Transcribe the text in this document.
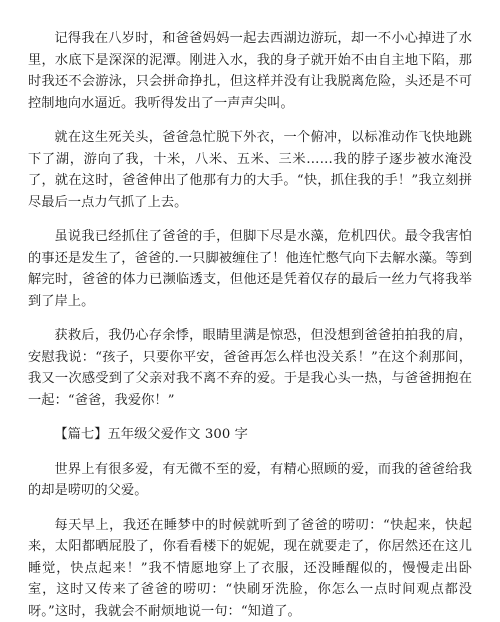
记得我在八岁时，和爸爸妈妈一起去西湖边游玩，却一不小心掉进了水里，水底下是深深的泥潭。刚进入水，我的身子就开始不由自主地下陷，那时我还不会游泳，只会拼命挣扎，但这样并没有让我脱离危险，头还是不可控制地向水逼近。我听得发出了一声声尖叫。

就在这生死关头，爸爸急忙脱下外衣，一个俯冲，以标准动作飞快地跳下了湖，游向了我，十米，八米、五米、三米……我的脖子逐步被水淹没了，就在这时，爸爸伸出了他那有力的大手。“快，抓住我的手！”我立刻拼尽最后一点力气抓了上去。

虽说我已经抓住了爸爸的手，但脚下尽是水藻，危机四伏。最令我害怕的事还是发生了，爸爸的.一只脚被缠住了！他连忙憋气向下去解水藻。等到解完时，爸爸的体力已濒临透支，但他还是凭着仅存的最后一丝力气将我举到了岸上。

获救后，我仍心存余悸，眼睛里满是惊恐，但没想到爸爸拍拍我的肩，安慰我说：“孩子，只要你平安，爸爸再怎么样也没关系！”在这个刹那间，我又一次感受到了父亲对我不离不弃的爱。于是我心头一热，与爸爸拥抱在一起：“爸爸，我爱你！”

【篇七】五年级父爱作文 300 字

世界上有很多爱，有无微不至的爱，有精心照顾的爱，而我的爸爸给我的却是唠叨的父爱。

每天早上，我还在睡梦中的时候就听到了爸爸的唠叨：“快起来，快起来，太阳都晒屁股了，你看看楼下的妮妮，现在就要走了，你居然还在这儿睡觉，快点起来！”我不情愿地穿上了衣服，还没睡醒似的，慢慢走出卧室，这时又传来了爸爸的唠叨：“快刷牙洗脸，你怎么一点时间观点都没呀。”这时，我就会不耐烦地说一句：“知道了。
